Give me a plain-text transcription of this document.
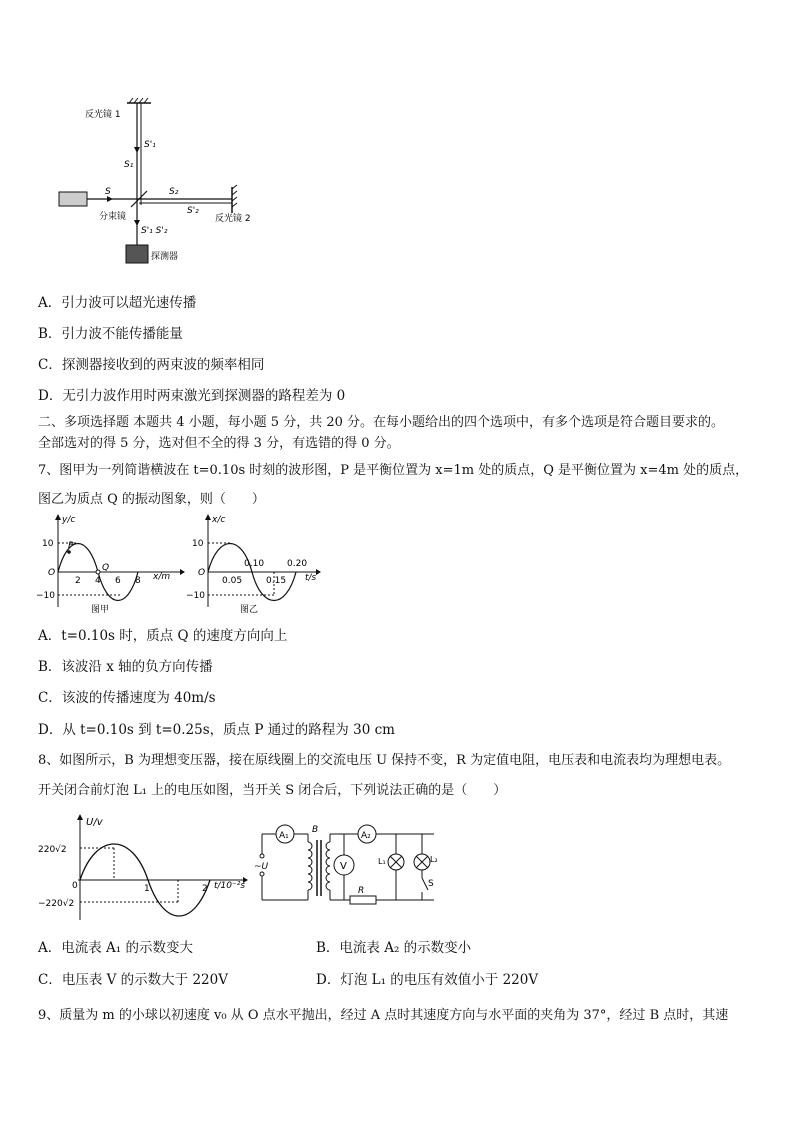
反光镜 1
反光镜 2
分束镜
探测器
S
S'₁
S₁
S₂
S'₂
S'₁ S'₂
A．引力波可以超光速传播
B．引力波不能传播能量
C．探测器接收到的两束波的频率相同
D．无引力波作用时两束激光到探测器的路程差为 0
二、多项选择题 本题共 4 小题，每小题 5 分，共 20 分。在每小题给出的四个选项中，有多个选项是符合题目要求的。
全部选对的得 5 分，选对但不全的得 3 分，有选错的得 0 分。
7、图甲为一列简谐横波在 t=0.10s 时刻的波形图，P 是平衡位置为 x=1m 处的质点，Q 是平衡位置为 x=4m 处的质点，
图乙为质点 Q 的振动图象，则（　　）
y/c
10
−10
O
2 4 6 8 x/m
P
Q
图甲
x/c
10
−10
O
0.05
0.10
0.15
0.20
t/s
图乙
A．t=0.10s 时，质点 Q 的速度方向向上
B．该波沿 x 轴的负方向传播
C．该波的传播速度为 40m/s
D．从 t=0.10s 到 t=0.25s，质点 P 通过的路程为 30 cm
8、如图所示，B 为理想变压器，接在原线圈上的交流电压 U 保持不变，R 为定值电阻，电压表和电流表均为理想电表。
开关闭合前灯泡 L₁ 上的电压如图，当开关 S 闭合后，下列说法正确的是（　　）
U/v
220√2
−220√2
0	1	2 t/10⁻²s
A₁	A₂
V
B
~U
R
L₁	L₂
S
A．电流表 A₁ 的示数变大	B．电流表 A₂ 的示数变小
C．电压表 V 的示数大于 220V	D．灯泡 L₁ 的电压有效值小于 220V
9、质量为 m 的小球以初速度 v₀ 从 O 点水平抛出，经过 A 点时其速度方向与水平面的夹角为 37°，经过 B 点时，其速
